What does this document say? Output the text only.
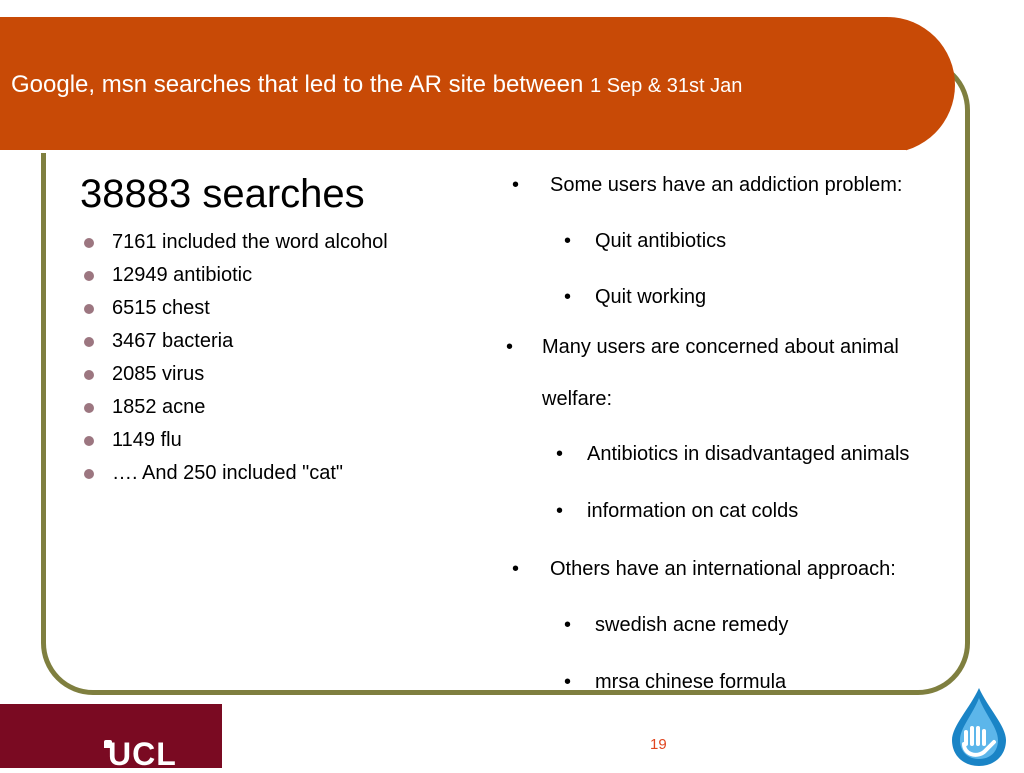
Google, msn searches that led to the AR site between 1 Sep & 31st Jan
38883 searches
7161 included the word alcohol
12949 antibiotic
6515 chest
3467 bacteria
2085 virus
1852 acne
1149 flu
…. And 250 included "cat"
• Some users have an addiction problem:
• Quit antibiotics
• Quit working
• Many users are concerned about animal
welfare:
• Antibiotics in disadvantaged animals
• information on cat colds
• Others have an international approach:
• swedish acne remedy
• mrsa chinese formula

UCL	19
